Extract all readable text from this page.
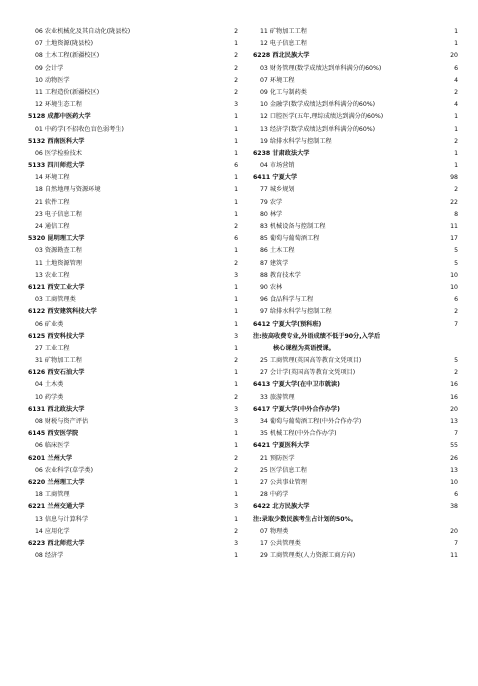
06 农业机械化及其自动化(陇县校)	2
07 土地资源(陇县校)	1
08 土木工程(新疆校区)	2
09 会计学	2
10 动物医学	2
11 工程造价(新疆校区)	2
12 环境生态工程	3
5128 成都中医药大学	1
01 中药学(不招收色盲色弱考生)	1
5132 西南医科大学	1
06 医学检验技术	1
5133 四川师范大学	6
14 环境工程	1
18 自然地理与资源环境	1
21 软件工程	1
23 电子信息工程	1
24 通信工程	2
5320 昆明理工大学	6
03 资源勘查工程	1
11 土地资源管理	2
13 农业工程	3
6121 西安工业大学	1
03 工商管理类	1
6122 西安建筑科技大学	1
06 矿业类	1
6125 西安科技大学	3
27 工业工程	1
31 矿物加工工程	2
6126 西安石油大学	1
04 土木类	1
10 药学类	2
6131 西北政法大学	3
08 财税与资产评估	3
6145 西安医学院	1
06 临床医学	1
6201 兰州大学	2
06 农业科学(草学类)	2
6220 兰州理工大学	1
18 工商管理	1
6221 兰州交通大学	3
13 信息与计算科学	1
14 应用化学	2
6223 西北师范大学	3
08 经济学	1
11 矿物加工工程	1
12 电子信息工程	1
6228 西北民族大学	20
03 财务管理(数学成绩达到单科满分的60%)	6
07 环境工程	4
09 化工与制药类	2
10 金融学(数学成绩达到单科满分的60%)	4
12 口腔医学(五年,理综成绩达到满分的60%)	1
13 经济学(数学成绩达到单科满分的60%)	1
19 给排水科学与控制工程	2
6238 甘肃政法大学	1
04 市场营销	1
6411 宁夏大学	98
77 城乡规划	2
79 农学	22
80 林学	8
83 机械设备与控制工程	11
85 葡萄与葡萄酒工程	17
86 土木工程	5
87 建筑学	5
88 教育技术学	10
90 农林	10
96 食品科学与工程	6
97 给排水科学与控制工程	2
6412 宁夏大学(预科班)	7
注:按高收费专业,外语成绩不低于90分,入学后
核心课程为英语授课。
25 工商管理(英国高等教育文凭项目)	5
27 会计学(英国高等教育文凭项目)	2
6413 宁夏大学(在中卫市就读)	16
33 旅游管理	16
6417 宁夏大学(中外合作办学)	20
34 葡萄与葡萄酒工程(中外合作办学)	13
35 机械工程(中外合作办学)	7
6421 宁夏医科大学	55
21 预防医学	26
25 医学信息工程	13
27 公共事业管理	10
28 中药学	6
6422 北方民族大学	38
注:录取少数民族考生占计划的50%。
07 物理类	20
17 公共管理类	7
29 工商管理类(人力资源工商方向)	11
